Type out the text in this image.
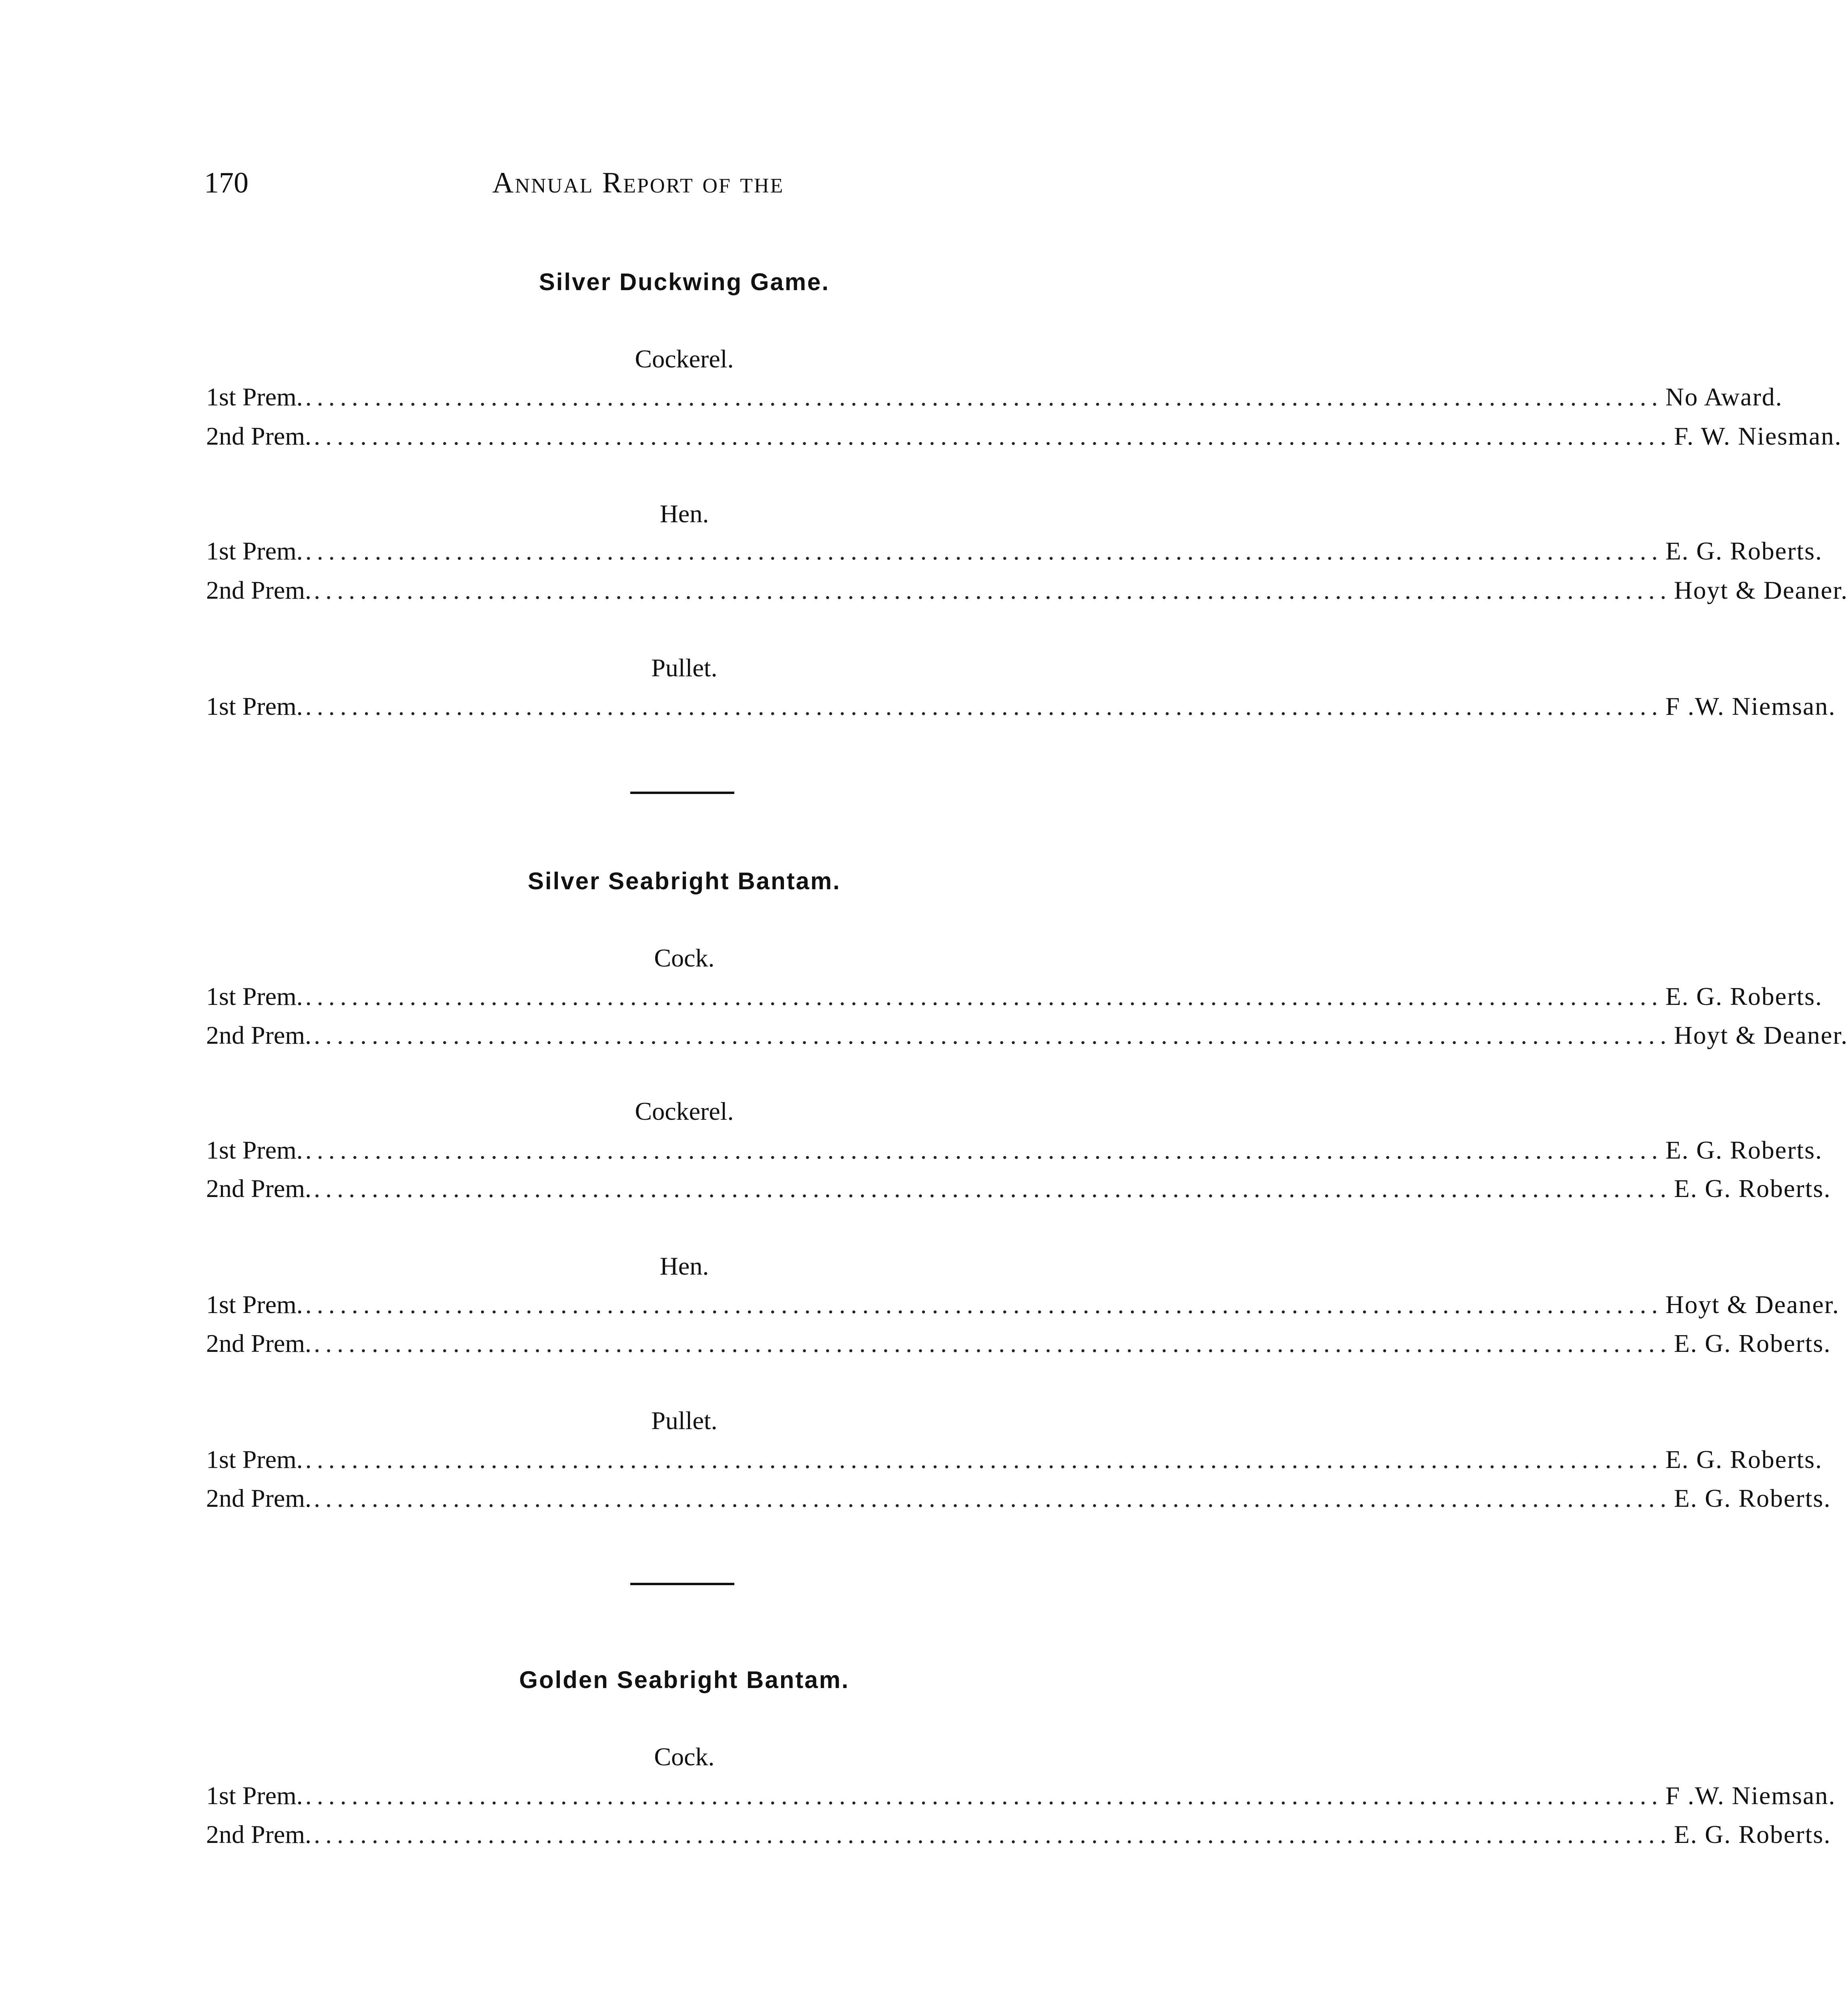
170	Annual Report of the
Silver Duckwing Game.
Cockerel.
1st Prem. ..................................................................................................................... No Award.
2nd Prem. ..................................................................................................................... F. W. Niesman.
Hen.
1st Prem. ..................................................................................................................... E. G. Roberts.
2nd Prem. ..................................................................................................................... Hoyt & Deaner.
Pullet.
1st Prem. ..................................................................................................................... F .W. Niemsan.
Silver Seabright Bantam.
Cock.
1st Prem. ..................................................................................................................... E. G. Roberts.
2nd Prem. ..................................................................................................................... Hoyt & Deaner.
Cockerel.
1st Prem. ..................................................................................................................... E. G. Roberts.
2nd Prem. ..................................................................................................................... E. G. Roberts.
Hen.
1st Prem. ..................................................................................................................... Hoyt & Deaner.
2nd Prem. ..................................................................................................................... E. G. Roberts.
Pullet.
1st Prem. ..................................................................................................................... E. G. Roberts.
2nd Prem. ..................................................................................................................... E. G. Roberts.
Golden Seabright Bantam.
Cock.
1st Prem. ..................................................................................................................... F .W. Niemsan.
2nd Prem. ..................................................................................................................... E. G. Roberts.
